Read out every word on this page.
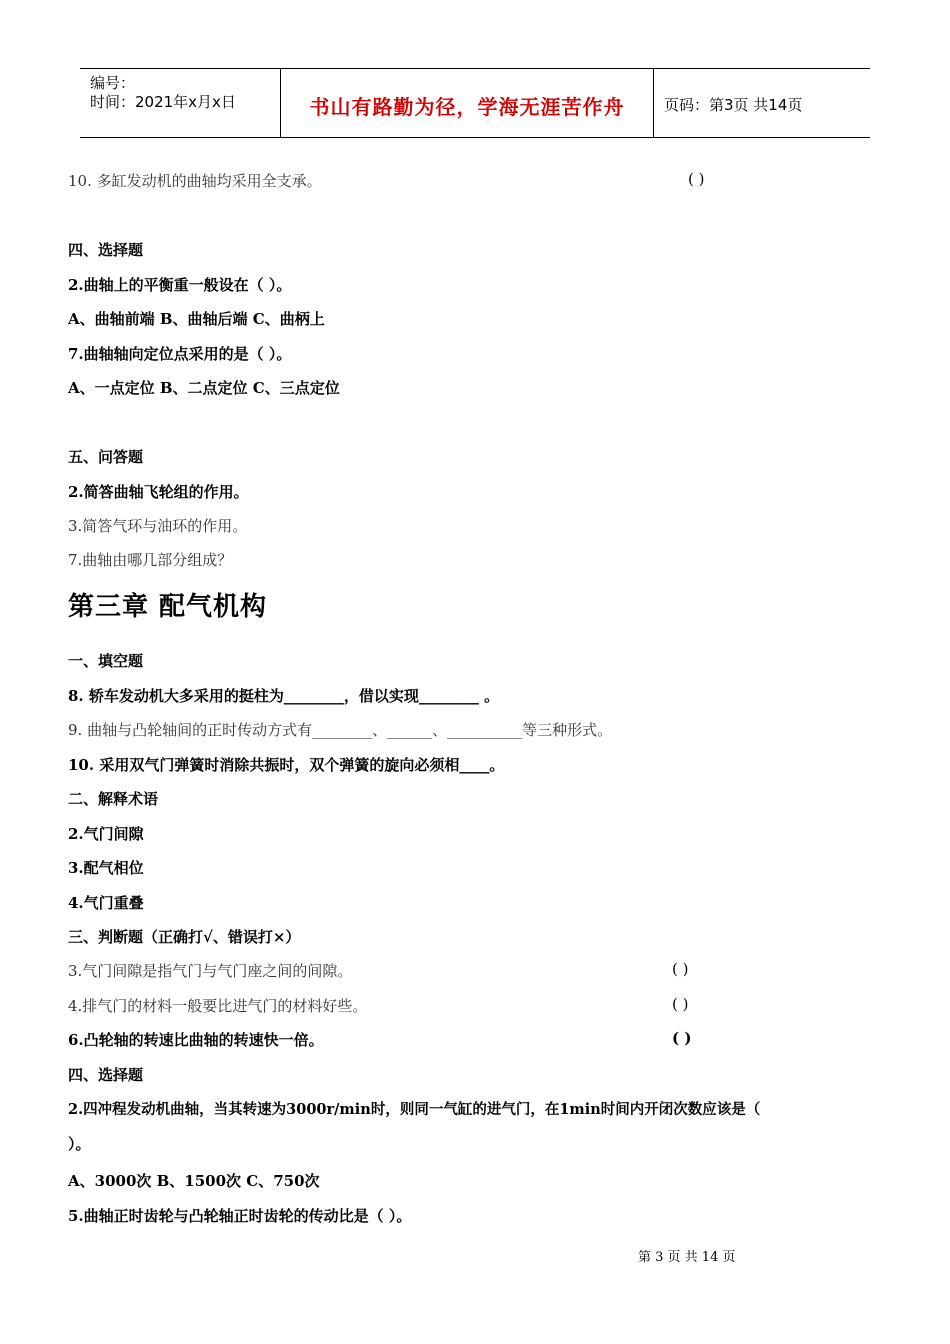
编号：
时间：2021年x月x日	书山有路勤为径，学海无涯苦作舟	页码：第3页 共14页
10. 多缸发动机的曲轴均采用全支承。	( )
四、选择题
2.曲轴上的平衡重一般设在（ ）。
A、曲轴前端 B、曲轴后端 C、曲柄上
7.曲轴轴向定位点采用的是（ ）。
A、一点定位 B、二点定位 C、三点定位
五、问答题
2.简答曲轴飞轮组的作用。
3.简答气环与油环的作用。
7.曲轴由哪几部分组成？
第三章 配气机构
一、填空题
8. 轿车发动机大多采用的挺柱为________，借以实现________ 。
9. 曲轴与凸轮轴间的正时传动方式有________、______、__________等三种形式。
10. 采用双气门弹簧时消除共振时，双个弹簧的旋向必须相____。
二、解释术语
2.气门间隙
3.配气相位
4.气门重叠
三、判断题（正确打√、错误打×）
3.气门间隙是指气门与气门座之间的间隙。	( )
4.排气门的材料一般要比进气门的材料好些。	( )
6.凸轮轴的转速比曲轴的转速快一倍。	( )
四、选择题
2.四冲程发动机曲轴，当其转速为3000r/min时，则同一气缸的进气门，在1min时间内开闭次数应该是（
）。
A、3000次 B、1500次 C、750次
5.曲轴正时齿轮与凸轮轴正时齿轮的传动比是（ ）。
第 3 页 共 14 页
